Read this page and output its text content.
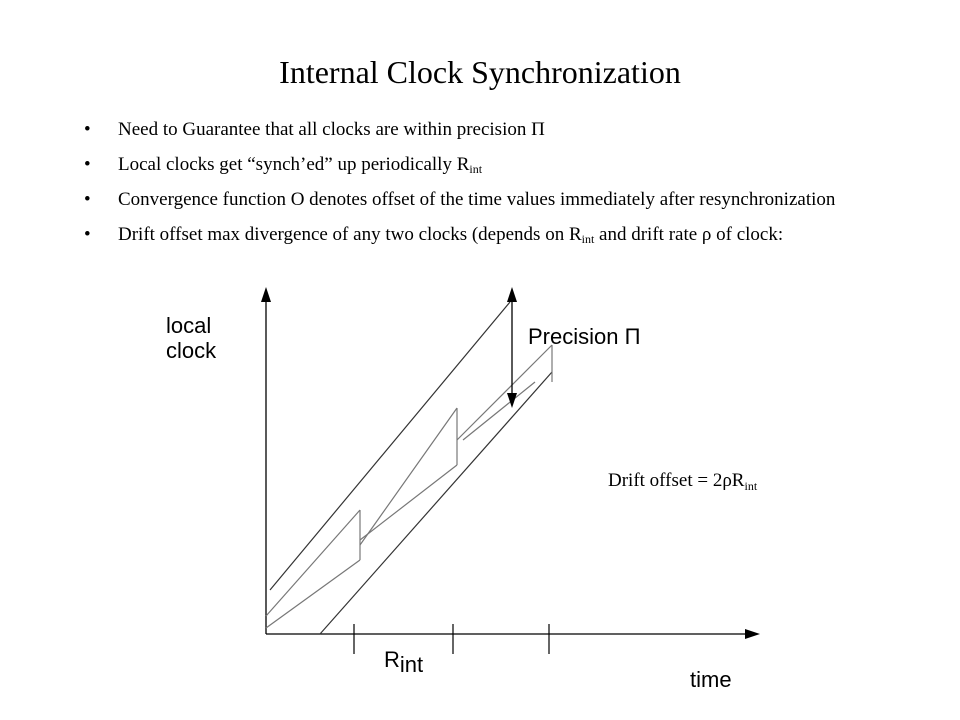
Internal Clock Synchronization
• Need to Guarantee that all clocks are within precision Π
• Local clocks get “synch’ed” up periodically $R_{int}$
• Convergence function Ο denotes offset of the time values immediately after resynchronization
• Drift offset max divergence of any two clocks (depends on $R_{int}$ and drift rate ρ of clock:
local
clock
Precision Π
time
Rint
Drift offset = $2\rho R_{int}$
